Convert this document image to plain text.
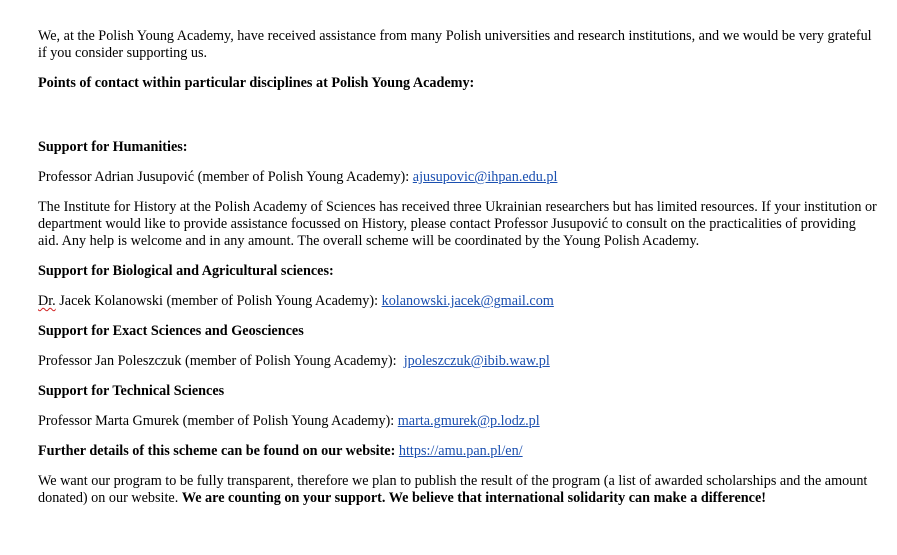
We, at the Polish Young Academy, have received assistance from many Polish universities and research institutions, and we would be very grateful if you consider supporting us.

Points of contact within particular disciplines at Polish Young Academy:

Support for Humanities:

Professor Adrian Jusupović (member of Polish Young Academy): ajusupovic@ihpan.edu.pl

The Institute for History at the Polish Academy of Sciences has received three Ukrainian researchers but has limited resources. If your institution or department would like to provide assistance focussed on History, please contact Professor Jusupović to consult on the practicalities of providing aid. Any help is welcome and in any amount. The overall scheme will be coordinated by the Young Polish Academy.

Support for Biological and Agricultural sciences:

Dr. Jacek Kolanowski (member of Polish Young Academy): kolanowski.jacek@gmail.com

Support for Exact Sciences and Geosciences

Professor Jan Poleszczuk (member of Polish Young Academy):  jpoleszczuk@ibib.waw.pl

Support for Technical Sciences

Professor Marta Gmurek (member of Polish Young Academy): marta.gmurek@p.lodz.pl

Further details of this scheme can be found on our website: https://amu.pan.pl/en/

We want our program to be fully transparent, therefore we plan to publish the result of the program (a list of awarded scholarships and the amount donated) on our website. We are counting on your support. We believe that international solidarity can make a difference!
